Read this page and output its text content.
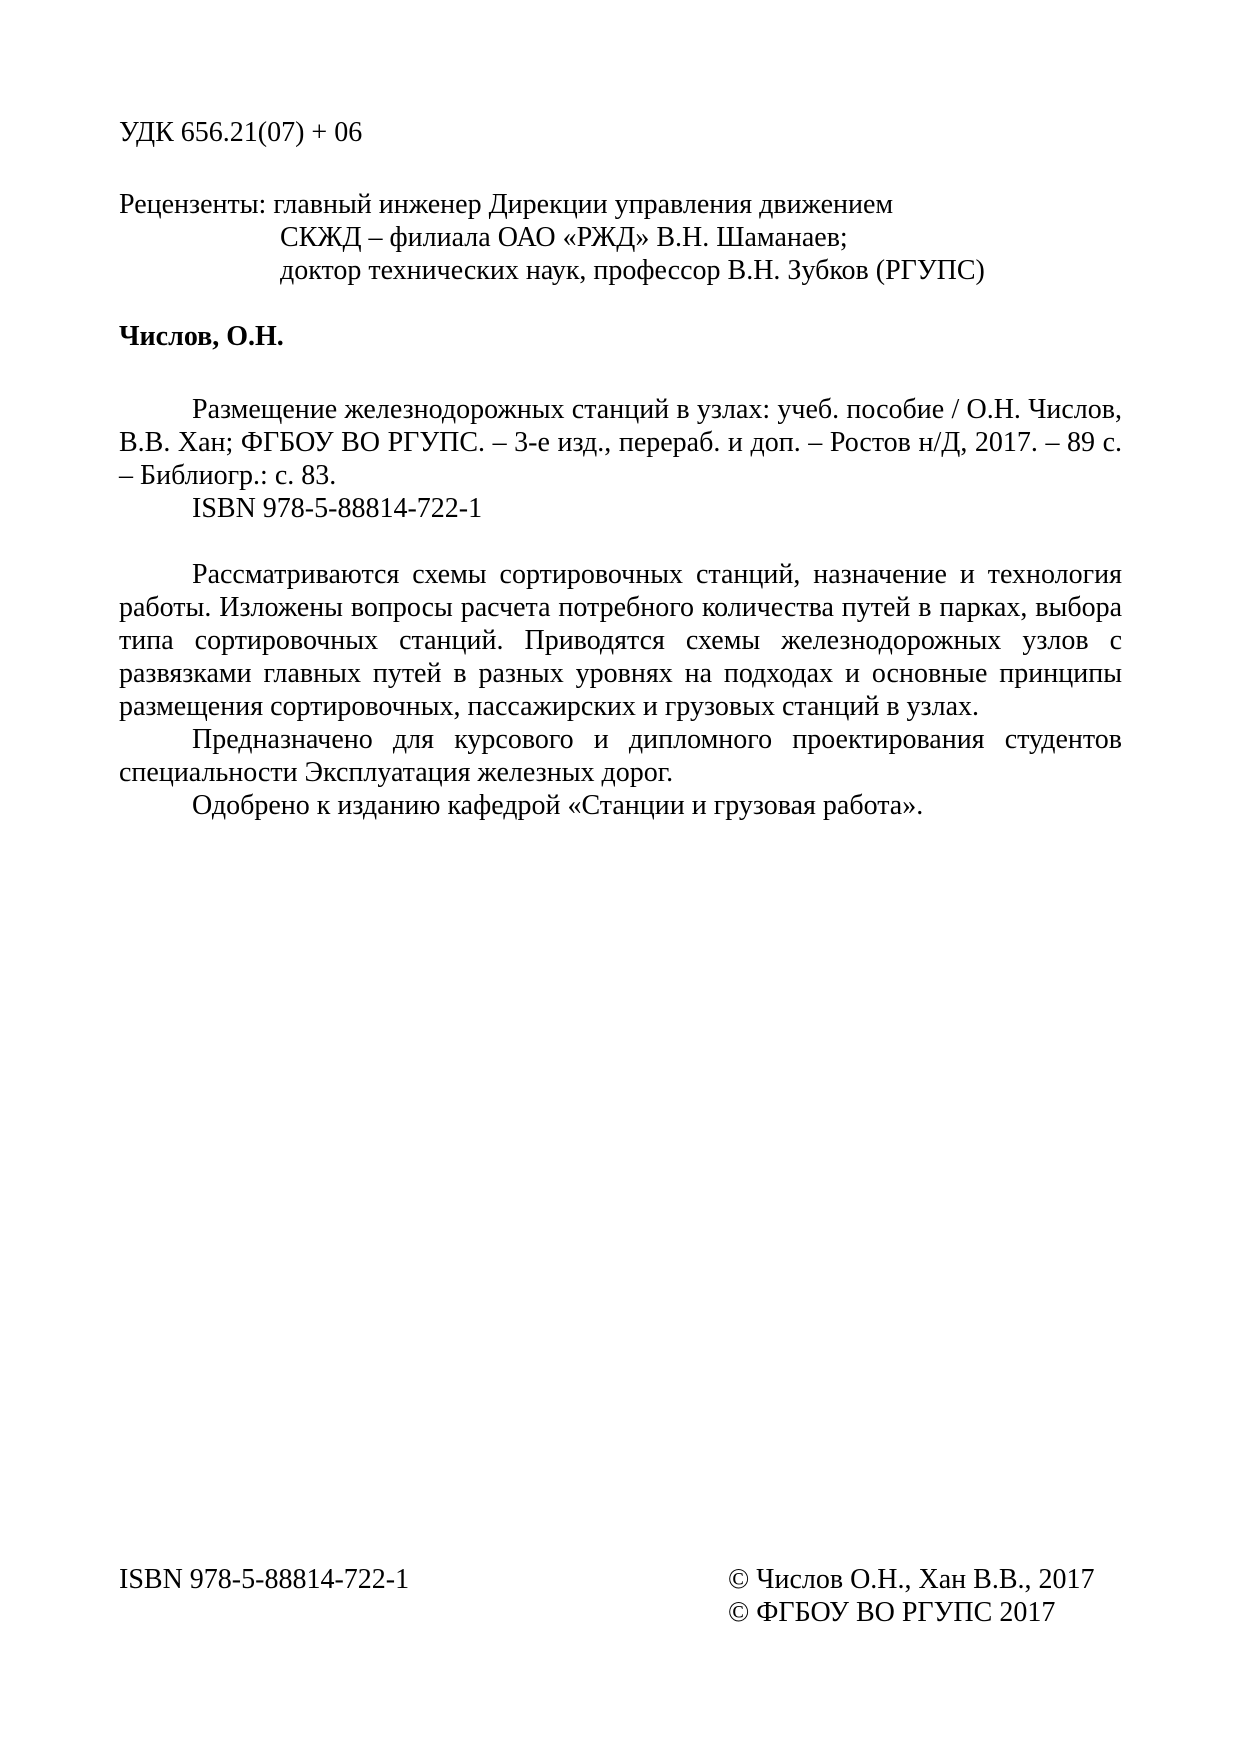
УДК 656.21(07) + 06

Рецензенты: главный инженер Дирекции управления движением
СКЖД – филиала ОАО «РЖД» В.Н. Шаманаев;
доктор технических наук, профессор В.Н. Зубков (РГУПС)

Числов, О.Н.

Размещение железнодорожных станций в узлах: учеб. пособие / О.Н. Числов, В.В. Хан; ФГБОУ ВО РГУПС. – 3-е изд., перераб. и доп. – Ростов н/Д, 2017. – 89 с. – Библиогр.: с. 83.

ISBN 978-5-88814-722-1

Рассматриваются схемы сортировочных станций, назначение и технология работы. Изложены вопросы расчета потребного количества путей в парках, выбора типа сортировочных станций. Приводятся схемы железнодорожных узлов с развязками главных путей в разных уровнях на подходах и основные принципы размещения сортировочных, пассажирских и грузовых станций в узлах.

Предназначено для курсового и дипломного проектирования студентов специальности Эксплуатация железных дорог.

Одобрено к изданию кафедрой «Станции и грузовая работа».

ISBN 978-5-88814-722-1	© Числов О.Н., Хан В.В., 2017
© ФГБОУ ВО РГУПС 2017
